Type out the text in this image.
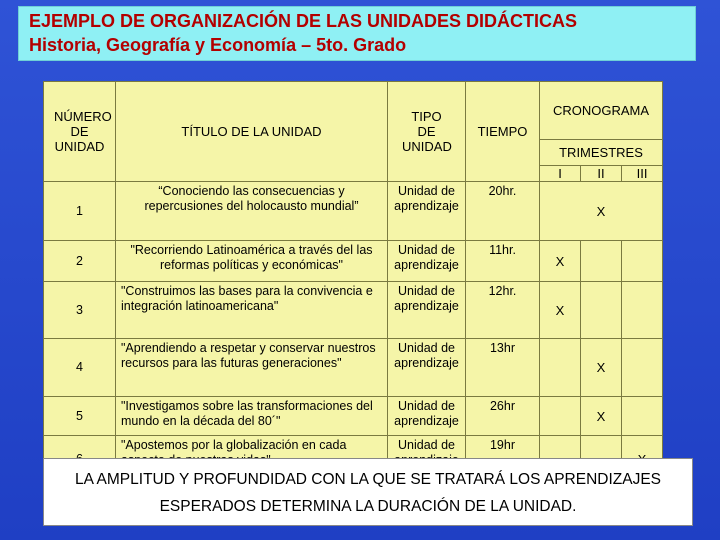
EJEMPLO DE ORGANIZACIÓN DE LAS UNIDADES DIDÁCTICAS
Historia, Geografía y Economía – 5to. Grado
NÚMERO DE UNIDAD	TÍTULO DE LA UNIDAD	TIPO DE UNIDAD	TIEMPO	CRONOGRAMA		
				TRIMESTRES		
				I	II	III
1	“Conociendo las consecuencias y repercusiones del holocausto mundial”	Unidad de aprendizaje	20hr.	X		
2	"Recorriendo Latinoamérica a través del las reformas políticas y económicas"	Unidad de aprendizaje	11hr.	X		
3	"Construimos las bases para la convivencia e integración latinoamericana"	Unidad de aprendizaje	12hr.	X		
4	"Aprendiendo a respetar y conservar nuestros recursos para las futuras generaciones"	Unidad de aprendizaje	13hr		X	
5	"Investigamos sobre las transformaciones del mundo en la década del 80´"	Unidad de aprendizaje	26hr		X	
	"Apostemos por la globalización en cada	Unidad de	19hr			
LA AMPLITUD Y PROFUNDIDAD CON LA QUE SE TRATARÁ LOS APRENDIZAJES
ESPERADOS DETERMINA LA DURACIÓN DE LA UNIDAD.
